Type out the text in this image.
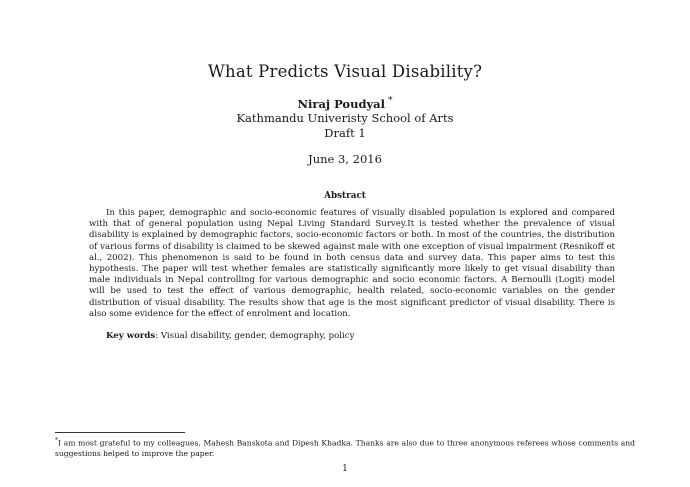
What Predicts Visual Disability?
Niraj Poudyal *
Kathmandu Univeristy School of Arts
Draft 1
June 3, 2016
Abstract

In this paper, demographic and socio-economic features of visually disabled population is explored and compared with that of general population using Nepal Living Standard Survey.It is tested whether the prevalence of visual disability is explained by demographic factors, socio-economic factors or both. In most of the countries, the distribution of various forms of disability is claimed to be skewed against male with one exception of visual impairment (Resnikoff et al., 2002). This phenomenon is said to be found in both census data and survey data. This paper aims to test this hypothesis. The paper will test whether females are statistically significantly more likely to get visual disability than male individuals in Nepal controlling for various demographic and socio economic factors. A Bernoulli (Logit) model will be used to test the effect of various demographic, health related, socio-economic variables on the gender distribution of visual disability. The results show that age is the most significant predictor of visual disability. There is also some evidence for the effect of enrolment and location.

Key words: Visual disability, gender, demography, policy

*I am most grateful to my colleagues, Mahesh Banskota and Dipesh Khadka. Thanks are also due to three anonymous referees whose comments and suggestions helped to improve the paper.

1
